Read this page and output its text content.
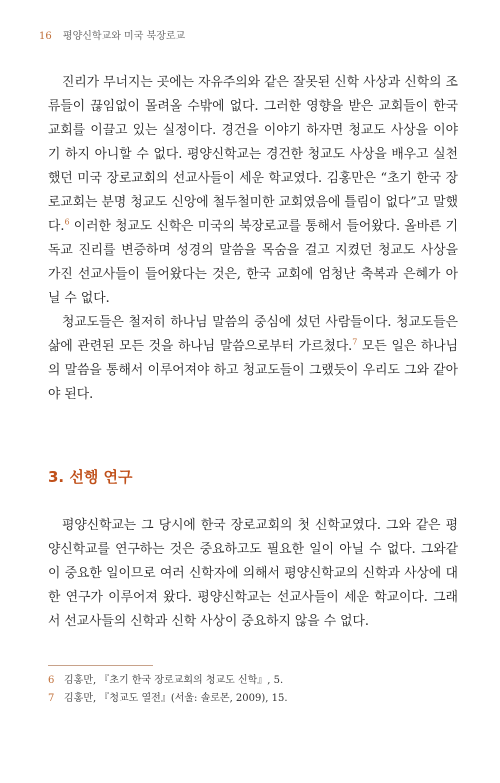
16 평양신학교와 미국 북장로교

진리가 무너지는 곳에는 자유주의와 같은 잘못된 신학 사상과 신학의 조류들이 끊임없이 몰려올 수밖에 없다. 그러한 영향을 받은 교회들이 한국 교회를 이끌고 있는 실정이다. 경건을 이야기 하자면 청교도 사상을 이야기 하지 아니할 수 없다. 평양신학교는 경건한 청교도 사상을 배우고 실천했던 미국 장로교회의 선교사들이 세운 학교였다. 김홍만은 “초기 한국 장로교회는 분명 청교도 신앙에 철두철미한 교회였음에 틀림이 없다”고 말했다.$^6$ 이러한 청교도 신학은 미국의 북장로교를 통해서 들어왔다. 올바른 기독교 진리를 변증하며 성경의 말씀을 목숨을 걸고 지켰던 청교도 사상을 가진 선교사들이 들어왔다는 것은, 한국 교회에 엄청난 축복과 은혜가 아닐 수 없다.

청교도들은 철저히 하나님 말씀의 중심에 섰던 사람들이다. 청교도들은 삶에 관련된 모든 것을 하나님 말씀으로부터 가르쳤다.$^7$ 모든 일은 하나님의 말씀을 통해서 이루어져야 하고 청교도들이 그랬듯이 우리도 그와 같아야 된다.

3. 선행 연구

평양신학교는 그 당시에 한국 장로교회의 첫 신학교였다. 그와 같은 평양신학교를 연구하는 것은 중요하고도 필요한 일이 아닐 수 없다. 그와같이 중요한 일이므로 여러 신학자에 의해서 평양신학교의 신학과 사상에 대한 연구가 이루어져 왔다. 평양신학교는 선교사들이 세운 학교이다. 그래서 선교사들의 신학과 신학 사상이 중요하지 않을 수 없다.

6 김홍만, 『초기 한국 장로교회의 청교도 신학』, 5.
7 김홍만, 『청교도 열전』(서울: 솔로몬, 2009), 15.
